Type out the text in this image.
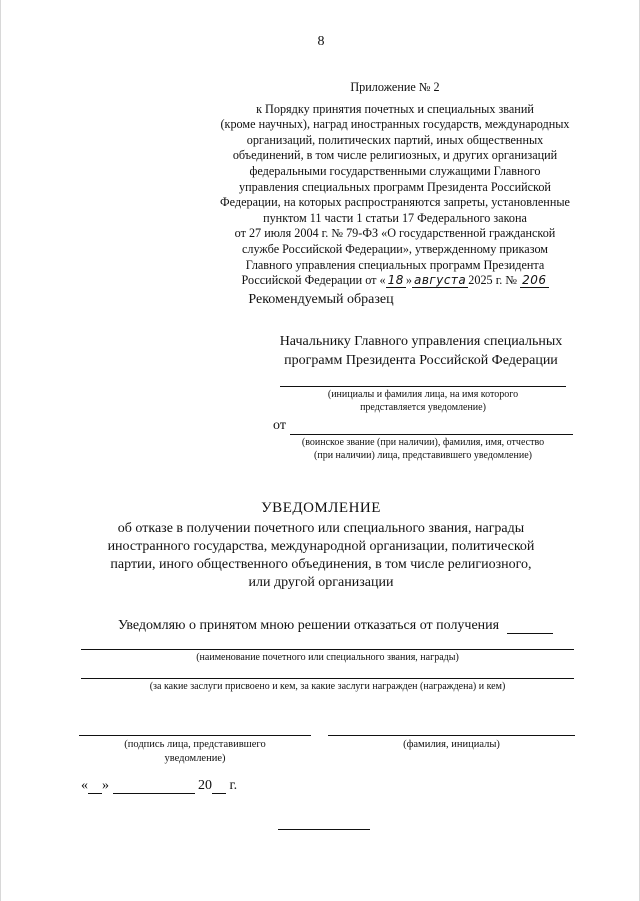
8
Приложение № 2
к Порядку принятия почетных и специальных званий
(кроме научных), наград иностранных государств, международных
организаций, политических партий, иных общественных
объединений, в том числе религиозных, и других организаций
федеральными государственными служащими Главного
управления специальных программ Президента Российской
Федерации, на которых распространяются запреты, установленные
пунктом 11 части 1 статьи 17 Федерального закона
от 27 июля 2004 г. № 79-ФЗ «О государственной гражданской
службе Российской Федерации», утвержденному приказом
Главного управления специальных программ Президента
Российской Федерации от « 18 » августа 2025 г. № 206
Рекомендуемый образец
Начальнику Главного управления специальных
программ Президента Российской Федерации
(инициалы и фамилия лица, на имя которого
представляется уведомление)
от
(воинское звание (при наличии), фамилия, имя, отчество
(при наличии) лица, представившего уведомление)
УВЕДОМЛЕНИЕ
об отказе в получении почетного или специального звания, награды
иностранного государства, международной организации, политической
партии, иного общественного объединения, в том числе религиозного,
или другой организации
Уведомляю о принятом мною решении отказаться от получения
(наименование почетного или специального звания, награды)
(за какие заслуги присвоено и кем, за какие заслуги награжден (награждена) и кем)
(подпись лица, представившего
уведомление)
(фамилия, инициалы)
« »	20 г.
